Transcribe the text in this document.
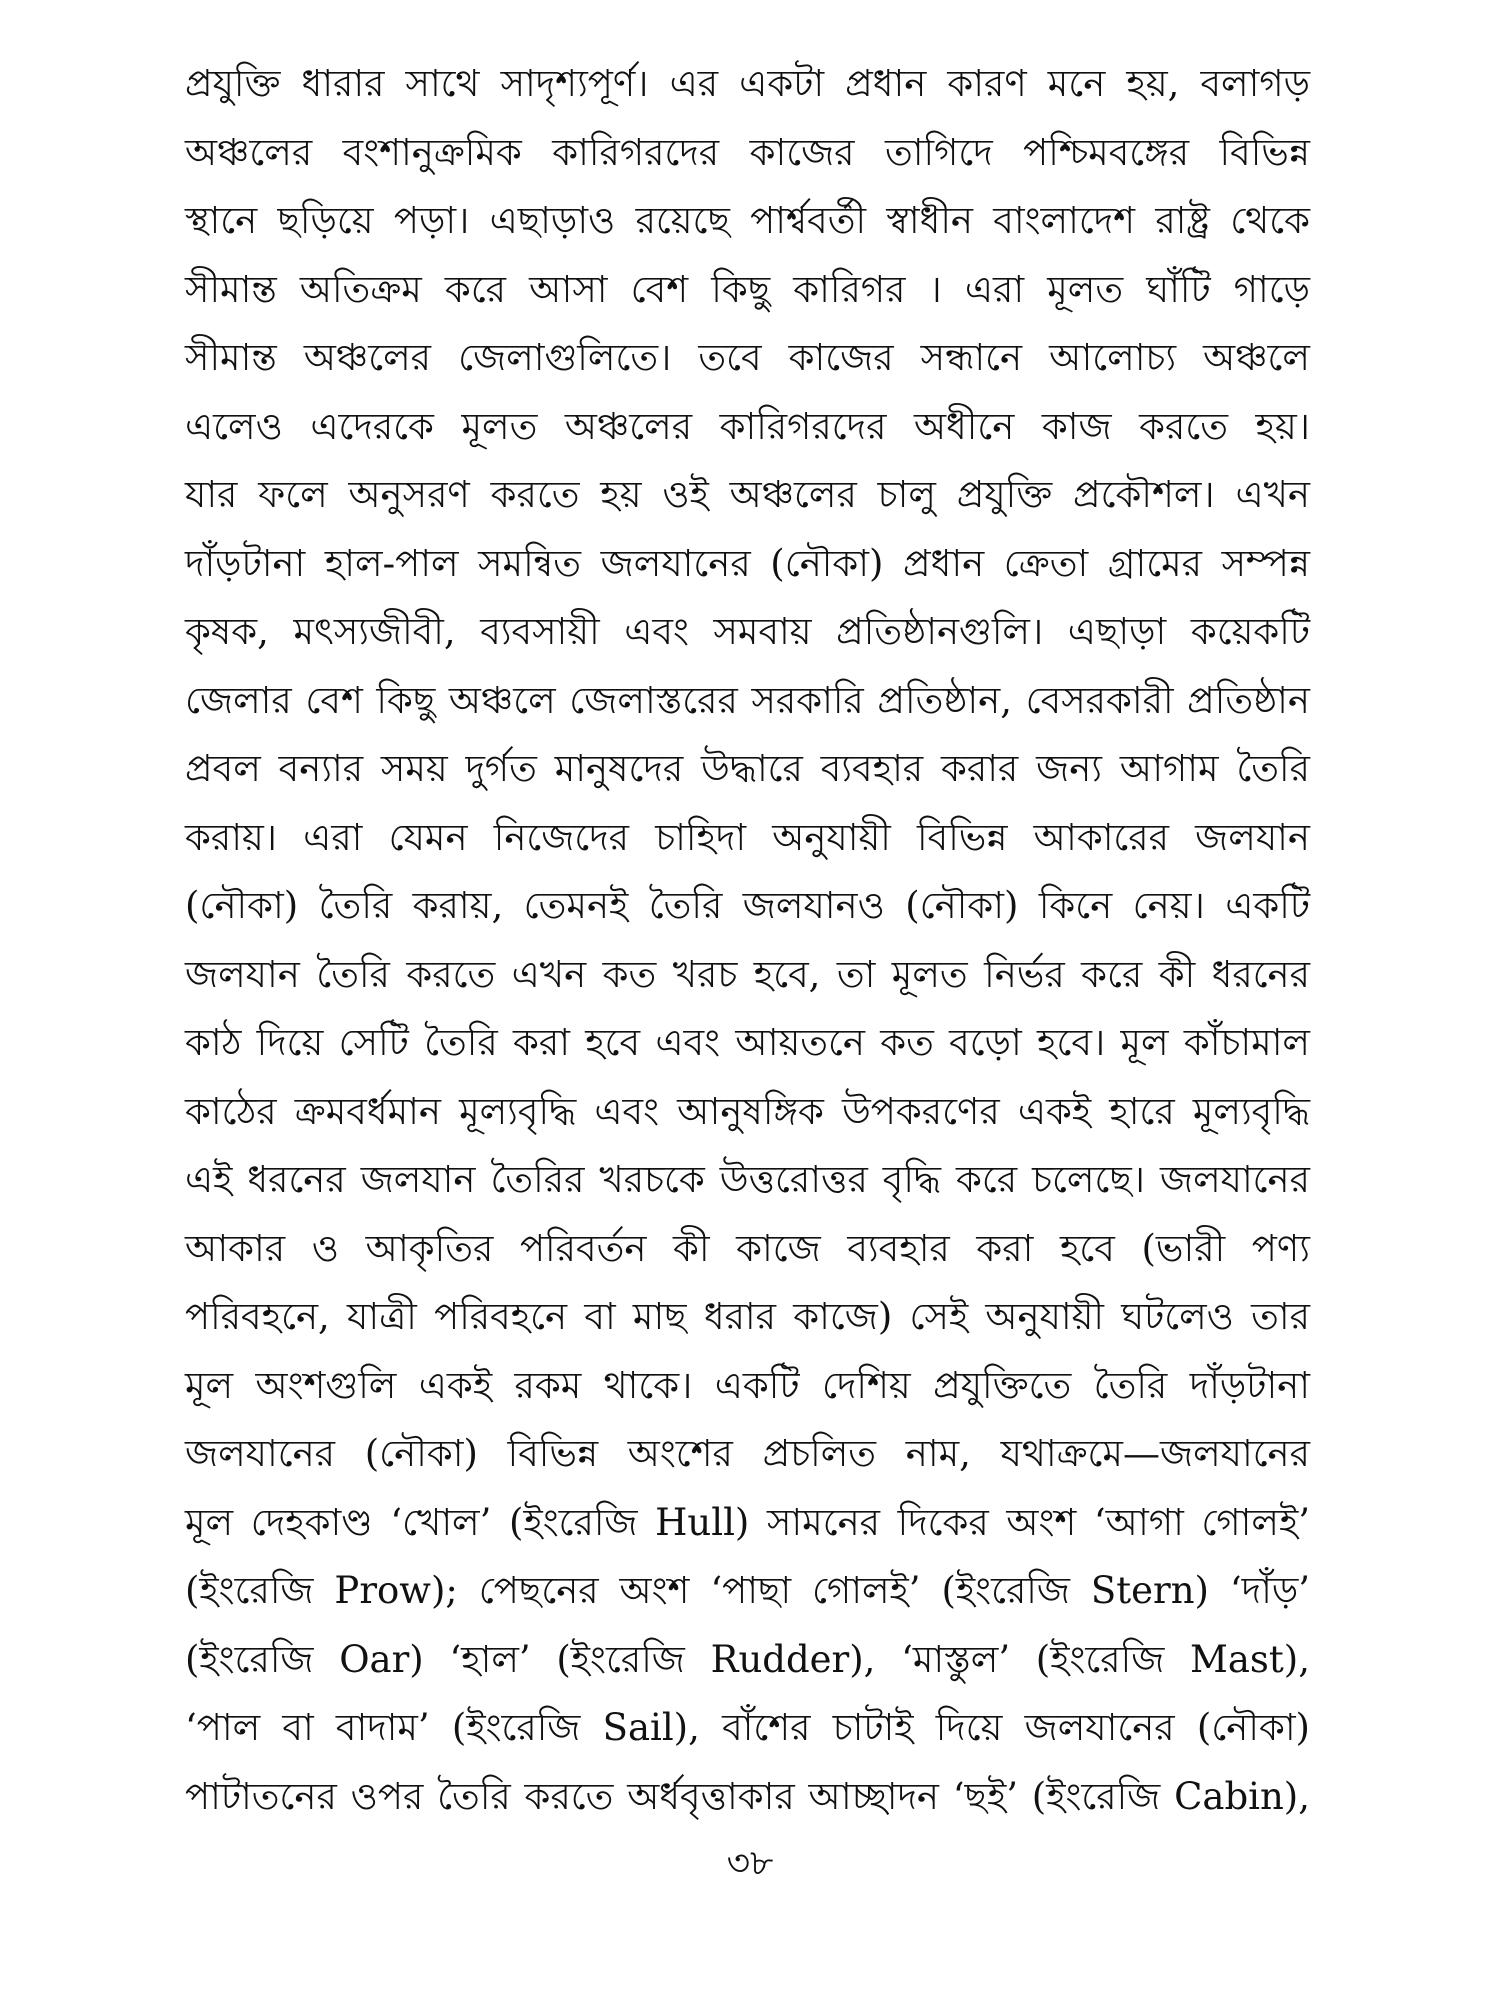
প্রযুক্তি ধারার সাথে সাদৃশ্যপূর্ণ। এর একটা প্রধান কারণ মনে হয়, বলাগড়
অঞ্চলের বংশানুক্রমিক কারিগরদের কাজের তাগিদে পশ্চিমবঙ্গের বিভিন্ন
স্থানে ছড়িয়ে পড়া। এছাড়াও রয়েছে পার্শ্ববর্তী স্বাধীন বাংলাদেশ রাষ্ট্র থেকে
সীমান্ত অতিক্রম করে আসা বেশ কিছু কারিগর । এরা মূলত ঘাঁটি গাড়ে
সীমান্ত অঞ্চলের জেলাগুলিতে। তবে কাজের সন্ধানে আলোচ্য অঞ্চলে
এলেও এদেরকে মূলত অঞ্চলের কারিগরদের অধীনে কাজ করতে হয়।
যার ফলে অনুসরণ করতে হয় ওই অঞ্চলের চালু প্রযুক্তি প্রকৌশল। এখন
দাঁড়টানা হাল-পাল সমন্বিত জলযানের (নৌকা) প্রধান ক্রেতা গ্রামের সম্পন্ন
কৃষক, মৎস্যজীবী, ব্যবসায়ী এবং সমবায় প্রতিষ্ঠানগুলি। এছাড়া কয়েকটি
জেলার বেশ কিছু অঞ্চলে জেলাস্তরের সরকারি প্রতিষ্ঠান, বেসরকারী প্রতিষ্ঠান
প্রবল বন্যার সময় দুর্গত মানুষদের উদ্ধারে ব্যবহার করার জন্য আগাম তৈরি
করায়। এরা যেমন নিজেদের চাহিদা অনুযায়ী বিভিন্ন আকারের জলযান
(নৌকা) তৈরি করায়, তেমনই তৈরি জলযানও (নৌকা) কিনে নেয়। একটি
জলযান তৈরি করতে এখন কত খরচ হবে, তা মূলত নির্ভর করে কী ধরনের
কাঠ দিয়ে সেটি তৈরি করা হবে এবং আয়তনে কত বড়ো হবে। মূল কাঁচামাল
কাঠের ক্রমবর্ধমান মূল্যবৃদ্ধি এবং আনুষঙ্গিক উপকরণের একই হারে মূল্যবৃদ্ধি
এই ধরনের জলযান তৈরির খরচকে উত্তরোত্তর বৃদ্ধি করে চলেছে। জলযানের
আকার ও আকৃতির পরিবর্তন কী কাজে ব্যবহার করা হবে (ভারী পণ্য
পরিবহনে, যাত্রী পরিবহনে বা মাছ ধরার কাজে) সেই অনুযায়ী ঘটলেও তার
মূল অংশগুলি একই রকম থাকে। একটি দেশিয় প্রযুক্তিতে তৈরি দাঁড়টানা
জলযানের (নৌকা) বিভিন্ন অংশের প্রচলিত নাম, যথাক্রমে—জলযানের
মূল দেহকাণ্ড ‘খোল’ (ইংরেজি Hull) সামনের দিকের অংশ ‘আগা গোলই’
(ইংরেজি Prow); পেছনের অংশ ‘পাছা গোলই’ (ইংরেজি Stern) ‘দাঁড়’
(ইংরেজি Oar) ‘হাল’ (ইংরেজি Rudder), ‘মাস্তুল’ (ইংরেজি Mast),
‘পাল বা বাদাম’ (ইংরেজি Sail), বাঁশের চাটাই দিয়ে জলযানের (নৌকা)
পাটাতনের ওপর তৈরি করতে অর্ধবৃত্তাকার আচ্ছাদন ‘ছই’ (ইংরেজি Cabin),
৩৮
